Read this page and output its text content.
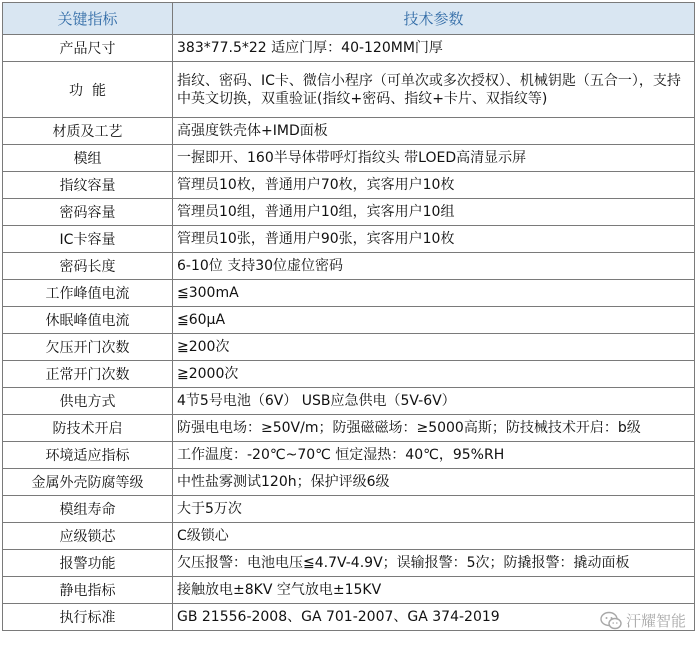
关键指标	技术参数
产品尺寸	383*77.5*22 适应门厚：40-120MM门厚
功  能	指纹、密码、IC卡、微信小程序（可单次或多次授权）、机械钥匙（五合一），支持中英文切换，双重验证(指纹+密码、指纹+卡片、双指纹等)
材质及工艺	高强度铁壳体+IMD面板
模组	一握即开、160半导体带呼灯指纹头 带LOED高清显示屏
指纹容量	管理员10枚，普通用户70枚，宾客用户10枚
密码容量	管理员10组，普通用户10组，宾客用户10组
IC卡容量	管理员10张，普通用户90张，宾客用户10枚
密码长度	6-10位 支持30位虚位密码
工作峰值电流	≦300mA
休眠峰值电流	≦60μA
欠压开门次数	≧200次
正常开门次数	≧2000次
供电方式	4节5号电池（6V） USB应急供电（5V-6V）
防技术开启	防强电电场：≥50V/m；防强磁磁场：≥5000高斯；防技械技术开启：b级
环境适应指标	工作温度：-20℃~70℃ 恒定湿热：40℃，95%RH
金属外壳防腐等级	中性盐雾测试120h；保护评级6级
模组寿命	大于5万次
应级锁芯	C级锁心
报警功能	欠压报警：电池电压≦4.7V-4.9V；误输报警：5次；防撬报警：撬动面板
静电指标	接触放电±8KV 空气放电±15KV
执行标准	GB 21556-2008、GA 701-2007、GA 374-2019	汗耀智能
